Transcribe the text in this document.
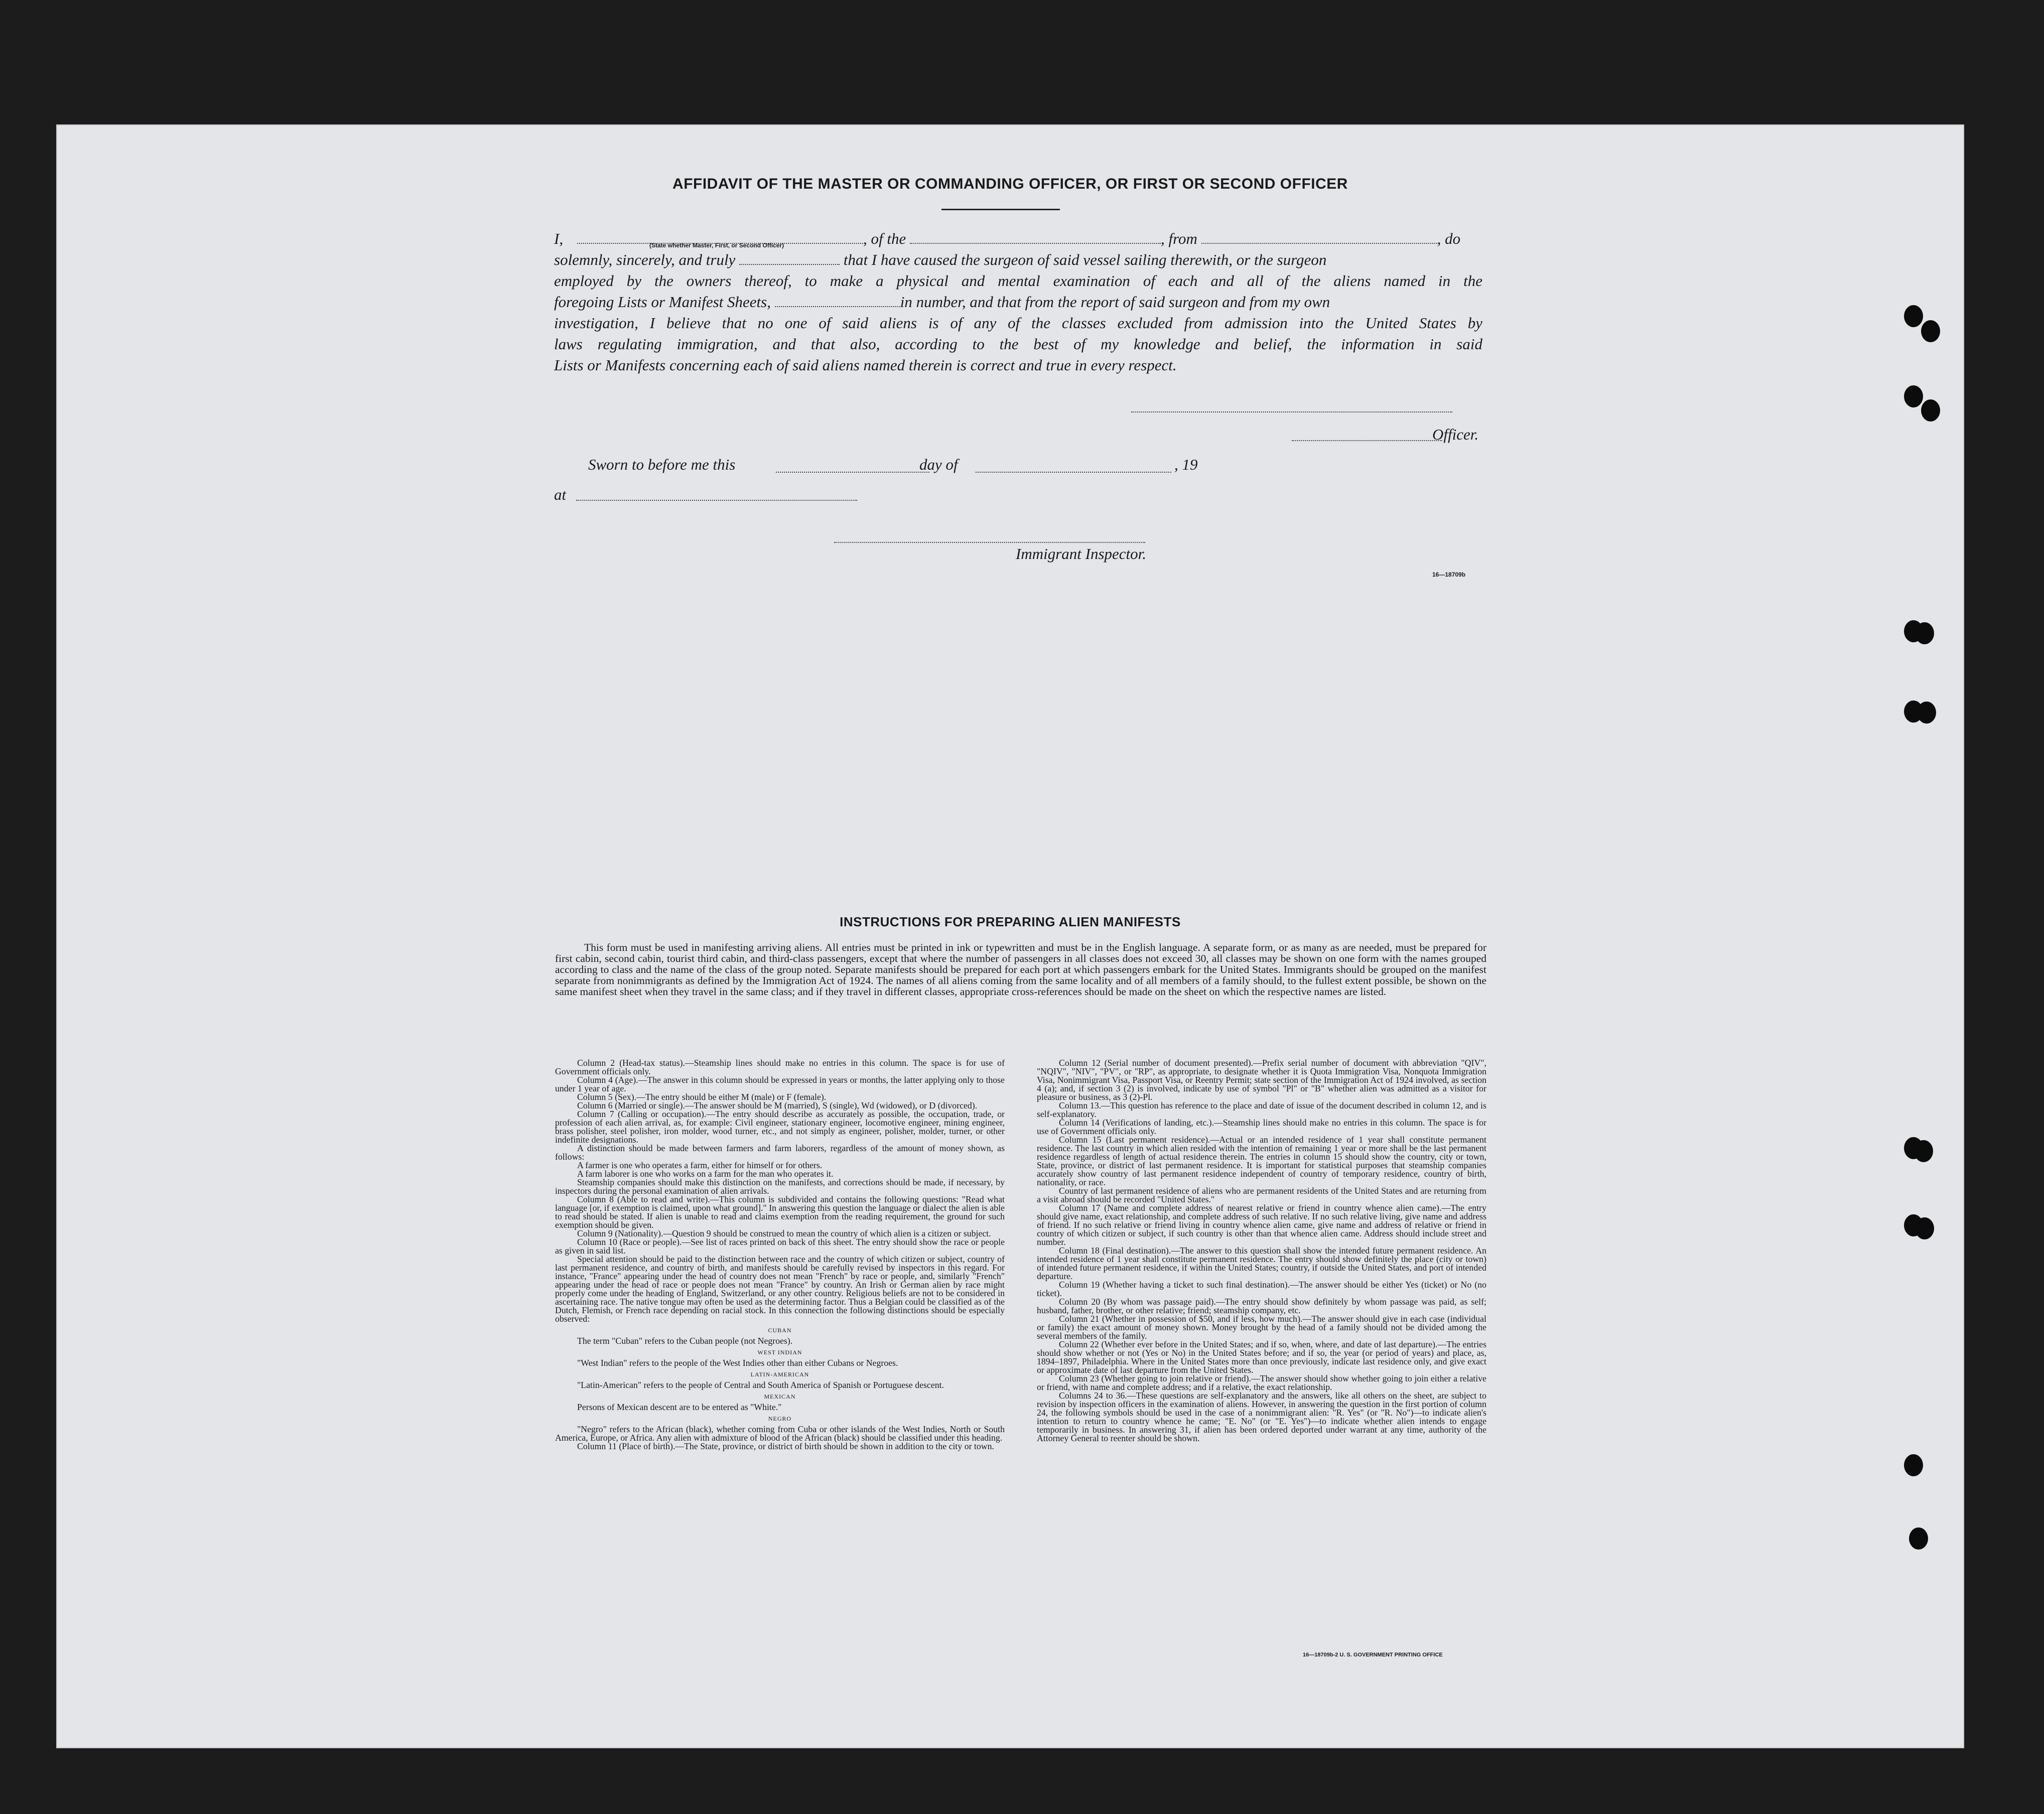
AFFIDAVIT OF THE MASTER OR COMMANDING OFFICER, OR FIRST OR SECOND OFFICER
I,	, of the	, from	, do
(State whether Master, First, or Second Officer)
solemnly, sincerely, and truly	that I have caused the surgeon of said vessel sailing therewith, or the surgeon
employed by the owners thereof, to make a physical and mental examination of each and all of the aliens named in the
foregoing Lists or Manifest Sheets,	in number, and that from the report of said surgeon and from my own
investigation, I believe that no one of said aliens is of any of the classes excluded from admission into the United States by
laws regulating immigration, and that also, according to the best of my knowledge and belief, the information in said
Lists or Manifests concerning each of said aliens named therein is correct and true in every respect.
Officer.
Sworn to before me this	day of	, 19
at
Immigrant Inspector.
16—18709b
INSTRUCTIONS FOR PREPARING ALIEN MANIFESTS
This form must be used in manifesting arriving aliens. All entries must be printed in ink or typewritten and must be in the English language. A separate form, or as many as are needed, must be prepared for first cabin, second cabin, tourist third cabin, and third-class passengers, except that where the number of passengers in all classes does not exceed 30, all classes may be shown on one form with the names grouped according to class and the name of the class of the group noted. Separate manifests should be prepared for each port at which passengers embark for the United States. Immigrants should be grouped on the manifest separate from nonimmigrants as defined by the Immigration Act of 1924. The names of all aliens coming from the same locality and of all members of a family should, to the fullest extent possible, be shown on the same manifest sheet when they travel in the same class; and if they travel in different classes, appropriate cross-references should be made on the sheet on which the respective names are listed.

Column 2 (Head-tax status).—Steamship lines should make no entries in this column. The space is for use of Government officials only.

Column 4 (Age).—The answer in this column should be expressed in years or months, the latter applying only to those under 1 year of age.

Column 5 (Sex).—The entry should be either M (male) or F (female).

Column 6 (Married or single).—The answer should be M (married), S (single), Wd (widowed), or D (divorced).

Column 7 (Calling or occupation).—The entry should describe as accurately as possible, the occupation, trade, or profession of each alien arrival, as, for example: Civil engineer, stationary engineer, locomotive engineer, mining engineer, brass polisher, steel polisher, iron molder, wood turner, etc., and not simply as engineer, polisher, molder, turner, or other indefinite designations.

A distinction should be made between farmers and farm laborers, regardless of the amount of money shown, as follows:

A farmer is one who operates a farm, either for himself or for others.

A farm laborer is one who works on a farm for the man who operates it.

Steamship companies should make this distinction on the manifests, and corrections should be made, if necessary, by inspectors during the personal examination of alien arrivals.

Column 8 (Able to read and write).—This column is subdivided and contains the following questions: "Read what language [or, if exemption is claimed, upon what ground]." In answering this question the language or dialect the alien is able to read should be stated. If alien is unable to read and claims exemption from the reading requirement, the ground for such exemption should be given.

Column 9 (Nationality).—Question 9 should be construed to mean the country of which alien is a citizen or subject.

Column 10 (Race or people).—See list of races printed on back of this sheet. The entry should show the race or people as given in said list.

Special attention should be paid to the distinction between race and the country of which citizen or subject, country of last permanent residence, and country of birth, and manifests should be carefully revised by inspectors in this regard. For instance, "France" appearing under the head of country does not mean "French" by race or people, and, similarly "French" appearing under the head of race or people does not mean "France" by country. An Irish or German alien by race might properly come under the heading of England, Switzerland, or any other country. Religious beliefs are not to be considered in ascertaining race. The native tongue may often be used as the determining factor. Thus a Belgian could be classified as of the Dutch, Flemish, or French race depending on racial stock. In this connection the following distinctions should be especially observed:

CUBAN

The term "Cuban" refers to the Cuban people (not Negroes).

WEST INDIAN

"West Indian" refers to the people of the West Indies other than either Cubans or Negroes.

LATIN-AMERICAN

"Latin-American" refers to the people of Central and South America of Spanish or Portuguese descent.

MEXICAN

Persons of Mexican descent are to be entered as "White."

NEGRO

"Negro" refers to the African (black), whether coming from Cuba or other islands of the West Indies, North or South America, Europe, or Africa. Any alien with admixture of blood of the African (black) should be classified under this heading.

Column 11 (Place of birth).—The State, province, or district of birth should be shown in addition to the city or town.

Column 12 (Serial number of document presented).—Prefix serial number of document with abbreviation "QIV", "NQIV", "NIV", "PV", or "RP", as appropriate, to designate whether it is Quota Immigration Visa, Nonquota Immigration Visa, Nonimmigrant Visa, Passport Visa, or Reentry Permit; state section of the Immigration Act of 1924 involved, as section 4 (a); and, if section 3 (2) is involved, indicate by use of symbol "Pl" or "B" whether alien was admitted as a visitor for pleasure or business, as 3 (2)-Pl.

Column 13.—This question has reference to the place and date of issue of the document described in column 12, and is self-explanatory.

Column 14 (Verifications of landing, etc.).—Steamship lines should make no entries in this column. The space is for use of Government officials only.

Column 15 (Last permanent residence).—Actual or an intended residence of 1 year shall constitute permanent residence. The last country in which alien resided with the intention of remaining 1 year or more shall be the last permanent residence regardless of length of actual residence therein. The entries in column 15 should show the country, city or town, State, province, or district of last permanent residence. It is important for statistical purposes that steamship companies accurately show country of last permanent residence independent of country of temporary residence, country of birth, nationality, or race.

Country of last permanent residence of aliens who are permanent residents of the United States and are returning from a visit abroad should be recorded "United States."

Column 17 (Name and complete address of nearest relative or friend in country whence alien came).—The entry should give name, exact relationship, and complete address of such relative. If no such relative living, give name and address of friend. If no such relative or friend living in country whence alien came, give name and address of relative or friend in country of which citizen or subject, if such country is other than that whence alien came. Address should include street and number.

Column 18 (Final destination).—The answer to this question shall show the intended future permanent residence. An intended residence of 1 year shall constitute permanent residence. The entry should show definitely the place (city or town) of intended future permanent residence, if within the United States; country, if outside the United States, and port of intended departure.

Column 19 (Whether having a ticket to such final destination).—The answer should be either Yes (ticket) or No (no ticket).

Column 20 (By whom was passage paid).—The entry should show definitely by whom passage was paid, as self; husband, father, brother, or other relative; friend; steamship company, etc.

Column 21 (Whether in possession of $50, and if less, how much).—The answer should give in each case (individual or family) the exact amount of money shown. Money brought by the head of a family should not be divided among the several members of the family.

Column 22 (Whether ever before in the United States; and if so, when, where, and date of last departure).—The entries should show whether or not (Yes or No) in the United States before; and if so, the year (or period of years) and place, as, 1894–1897, Philadelphia. Where in the United States more than once previously, indicate last residence only, and give exact or approximate date of last departure from the United States.

Column 23 (Whether going to join relative or friend).—The answer should show whether going to join either a relative or friend, with name and complete address; and if a relative, the exact relationship.

Columns 24 to 36.—These questions are self-explanatory and the answers, like all others on the sheet, are subject to revision by inspection officers in the examination of aliens. However, in answering the question in the first portion of column 24, the following symbols should be used in the case of a nonimmigrant alien: "R. Yes" (or "R. No")—to indicate alien's intention to return to country whence he came; "E. No" (or "E. Yes")—to indicate whether alien intends to engage temporarily in business. In answering 31, if alien has been ordered deported under warrant at any time, authority of the Attorney General to reenter should be shown.

16—18709b-2 U. S. GOVERNMENT PRINTING OFFICE
